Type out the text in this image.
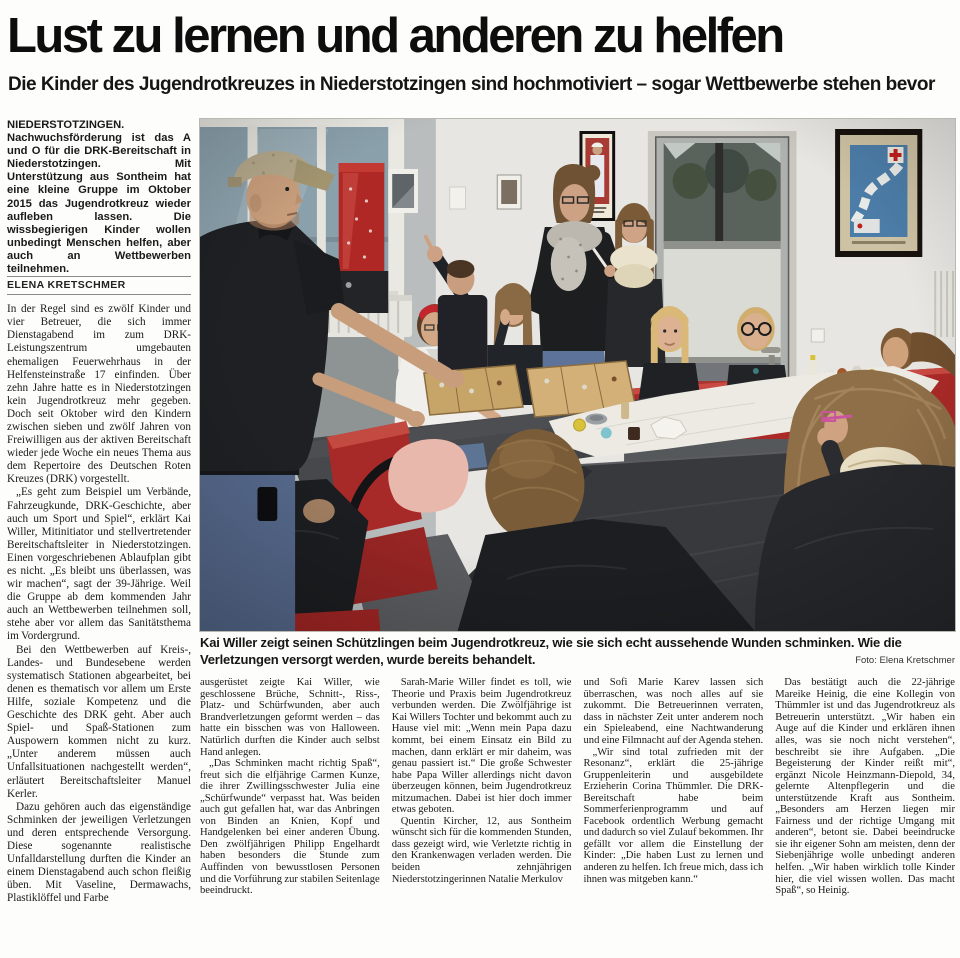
Lust zu lernen und anderen zu helfen
Die Kinder des Jugendrotkreuzes in Niederstotzingen sind hochmotiviert – sogar Wettbewerbe stehen bevor

NIEDERSTOTZINGEN. Nachwuchsförderung ist das A und O für die DRK-Bereitschaft in Niederstotzingen. Mit Unterstützung aus Sontheim hat eine kleine Gruppe im Oktober 2015 das Jugendrotkreuz wieder aufleben lassen. Die wissbegierigen Kinder wollen unbedingt Menschen helfen, aber auch an Wettbewerben teilnehmen.

ELENA KRETSCHMER

In der Regel sind es zwölf Kinder und vier Betreuer, die sich immer Dienstagabend im zum DRK-Leistungszentrum umgebauten ehemaligen Feuerwehrhaus in der Helfensteinstraße 17 einfinden. Über zehn Jahre hatte es in Niederstotzingen kein Jugendrotkreuz mehr gegeben. Doch seit Oktober wird den Kindern zwischen sieben und zwölf Jahren von Freiwilligen aus der aktiven Bereitschaft wieder jede Woche ein neues Thema aus dem Repertoire des Deutschen Roten Kreuzes (DRK) vorgestellt.

„Es geht zum Beispiel um Verbände, Fahrzeugkunde, DRK-Geschichte, aber auch um Sport und Spiel“, erklärt Kai Willer, Mitinitiator und stellvertretender Bereitschaftsleiter in Niederstotzingen. Einen vorgeschriebenen Ablaufplan gibt es nicht. „Es bleibt uns überlassen, was wir machen“, sagt der 39-Jährige. Weil die Gruppe ab dem kommenden Jahr auch an Wettbewerben teilnehmen soll, stehe aber vor allem das Sanitätsthema im Vordergrund.

Bei den Wettbewerben auf Kreis-, Landes- und Bundesebene werden systematisch Stationen abgearbeitet, bei denen es thematisch vor allem um Erste Hilfe, soziale Kompetenz und die Geschichte des DRK geht. Aber auch Spiel- und Spaß-Stationen zum Auspowern kommen nicht zu kurz. „Unter anderem müssen auch Unfallsituationen nachgestellt werden“, erläutert Bereitschaftsleiter Manuel Kerler.

Dazu gehören auch das eigenständige Schminken der jeweiligen Verletzungen und deren entsprechende Versorgung. Diese sogenannte realistische Unfalldarstellung durften die Kinder an einem Dienstagabend auch schon fleißig üben. Mit Vaseline, Dermawachs, Plastiklöffel und Farbe

Kai Willer zeigt seinen Schützlingen beim Jugendrotkreuz, wie sie sich echt aussehende Wunden schminken. Wie die Verletzungen versorgt werden, wurde bereits behandelt.	Foto: Elena Kretschmer

ausgerüstet zeigte Kai Willer, wie geschlossene Brüche, Schnitt-, Riss-, Platz- und Schürfwunden, aber auch Brandverletzungen geformt werden – das hatte ein bisschen was von Halloween. Natürlich durften die Kinder auch selbst Hand anlegen.

„Das Schminken macht richtig Spaß“, freut sich die elfjährige Carmen Kunze, die ihrer Zwillingsschwester Julia eine „Schürfwunde“ verpasst hat. Was beiden auch gut gefallen hat, war das Anbringen von Binden an Knien, Kopf und Handgelenken bei einer anderen Übung. Den zwölfjährigen Philipp Engelhardt haben besonders die Stunde zum Auffinden von bewusstlosen Personen und die Vorführung zur stabilen Seitenlage beeindruckt.

Sarah-Marie Willer findet es toll, wie Theorie und Praxis beim Jugendrotkreuz verbunden werden. Die Zwölfjährige ist Kai Willers Tochter und bekommt auch zu Hause viel mit: „Wenn mein Papa dazu kommt, bei einem Einsatz ein Bild zu machen, dann erklärt er mir daheim, was genau passiert ist.“ Die große Schwester habe Papa Willer allerdings nicht davon überzeugen können, beim Jugendrotkreuz mitzumachen. Dabei ist hier doch immer etwas geboten.

Quentin Kircher, 12, aus Sontheim wünscht sich für die kommenden Stunden, dass gezeigt wird, wie Verletzte richtig in den Krankenwagen verladen werden. Die beiden zehnjährigen Niederstotzingerinnen Natalie Merkulov

und Sofi Marie Karev lassen sich überraschen, was noch alles auf sie zukommt. Die Betreuerinnen verraten, dass in nächster Zeit unter anderem noch ein Spieleabend, eine Nachtwanderung und eine Filmnacht auf der Agenda stehen.

„Wir sind total zufrieden mit der Resonanz“, erklärt die 25-jährige Gruppenleiterin und ausgebildete Erzieherin Corina Thümmler. Die DRK-Bereitschaft habe beim Sommerferienprogramm und auf Facebook ordentlich Werbung gemacht und dadurch so viel Zulauf bekommen. Ihr gefällt vor allem die Einstellung der Kinder: „Die haben Lust zu lernen und anderen zu helfen. Ich freue mich, dass ich ihnen was mitgeben kann.“

Das bestätigt auch die 22-jährige Mareike Heinig, die eine Kollegin von Thümmler ist und das Jugendrotkreuz als Betreuerin unterstützt. „Wir haben ein Auge auf die Kinder und erklären ihnen alles, was sie noch nicht verstehen“, beschreibt sie ihre Aufgaben. „Die Begeisterung der Kinder reißt mit“, ergänzt Nicole Heinzmann-Diepold, 34, gelernte Altenpflegerin und die unterstützende Kraft aus Sontheim. „Besonders am Herzen liegen mir Fairness und der richtige Umgang mit anderen“, betont sie. Dabei beeindrucke sie ihr eigener Sohn am meisten, denn der Siebenjährige wolle unbedingt anderen helfen. „Wir haben wirklich tolle Kinder hier, die viel wissen wollen. Das macht Spaß“, so Heinig.
